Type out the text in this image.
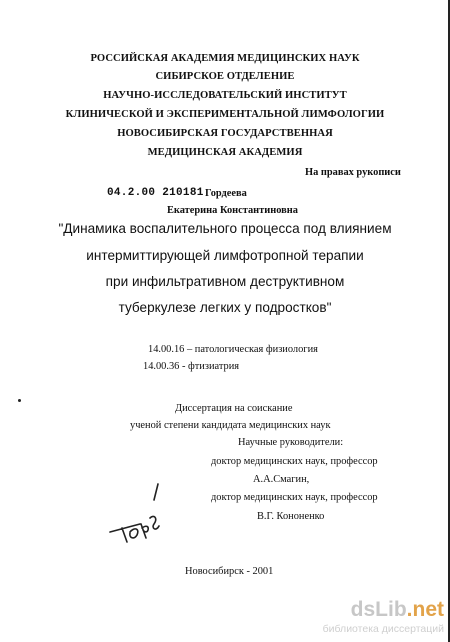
РОССИЙСКАЯ АКАДЕМИЯ МЕДИЦИНСКИХ НАУК
СИБИРСКОЕ ОТДЕЛЕНИЕ
НАУЧНО-ИССЛЕДОВАТЕЛЬСКИЙ ИНСТИТУТ
КЛИНИЧЕСКОЙ И ЭКСПЕРИМЕНТАЛЬНОЙ ЛИМФОЛОГИИ
НОВОСИБИРСКАЯ ГОСУДАРСТВЕННАЯ
МЕДИЦИНСКАЯ АКАДЕМИЯ
На правах рукописи
04.2.00 210181 Гордеева
Екатерина Константиновна
"Динамика воспалительного процесса под влиянием
интермиттирующей лимфотропной терапии
при инфильтративном деструктивном
туберкулезе легких у подростков"
14.00.16 – патологическая физиология
14.00.36 - фтизиатрия
Диссертация на соискание
ученой степени кандидата медицинских наук
Научные руководители:
доктор медицинских наук, профессор
А.А.Смагин,
доктор медицинских наук, профессор
В.Г. Кононенко
Новосибирск - 2001
dsLib.net
библиотека диссертаций
